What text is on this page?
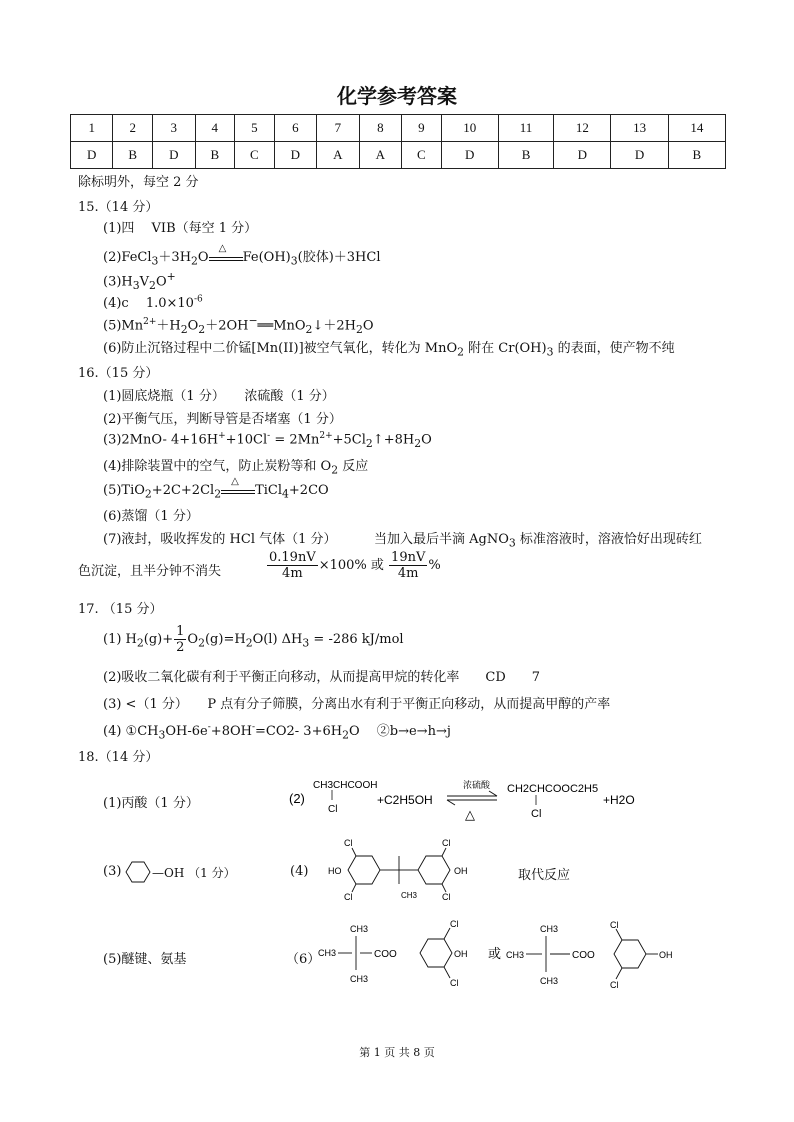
化学参考答案
1	2	3	4	5	6	7	8	9	10	11	12	13	14
D	B	D	B	C	D	A	A	C	D	B	D	D	B
除标明外，每空 2 分
15.（14 分）
(1)四　 VIB（每空 1 分）
$(2)FeCl_3+3H_2O$
△
$Fe(OH)_3$(胶体)＋3HCl
$(3)H_3V_2O^+$
(4)c　 $1.0\times 10^{-6}$
$(5)Mn^{2+}+H_2O_2+2OH^-══MnO_2↓+2H_2O$
(6)防止沉铬过程中二价锰[Mn(II)]被空气氧化，转化为 MnO$_2$ 附在 $Cr(OH)_3$ 的表面，使产物不纯
16.（15 分）
(1)圆底烧瓶（1 分）　　浓硫酸（1 分）
(2)平衡气压，判断导管是否堵塞（1 分）
(3)2MnO- $4+16H^++10Cl^- = 2Mn^{2+}+5Cl_2↑+8H_2O$
(4)排除装置中的空气，防止炭粉等和 $O_2$ 反应
$(5)TiO_2+2C+2Cl_2$
△
TiCl$_4$+2CO
(6)蒸馏（1 分）
(7)液封，吸收挥发的 HCl 气体（1 分）	当加入最后半滴 AgNO$_3$ 标准溶液时，溶液恰好出现砖红
色沉淀，且半分钟不消失	$\frac{0.19nV}{4m} \times 100\%$ 或 $\frac{19nV}{4m}$ %
17. （15 分）
(1) $H_2(g)+ \frac{1}{2} O_2(g)=H_2O(l) \Delta H_3 = -286$ kJ/mol
(2)吸收二氧化碳有利于平衡正向移动，从而提高甲烷的转化率　　CD　　7
(3) <（1 分）　　P 点有分子筛膜，分离出水有利于平衡正向移动，从而提高甲醇的产率
(4) $①CH_3OH-6e^-+8OH^-=CO2-$ $3+6H_2O$　 ②b→e→h→j
18.（14 分）
(1)丙酸（1 分）	(2)
CH3CHCOOH
Cl
+C2H5OH
浓硫酸
△
CH2CHCOOC2H5
Cl
+H2O
(3)	—OH （1 分）	(4)
Cl
Cl
Cl
Cl
HO	OH
CH3
取代反应
(5)醚键、氨基	（6）
CH3
CH3
CH3
COO
Cl
Cl
OH 或 CH3
CH3
CH3
COO
Cl
Cl
OH
第 1 页 共 8 页
